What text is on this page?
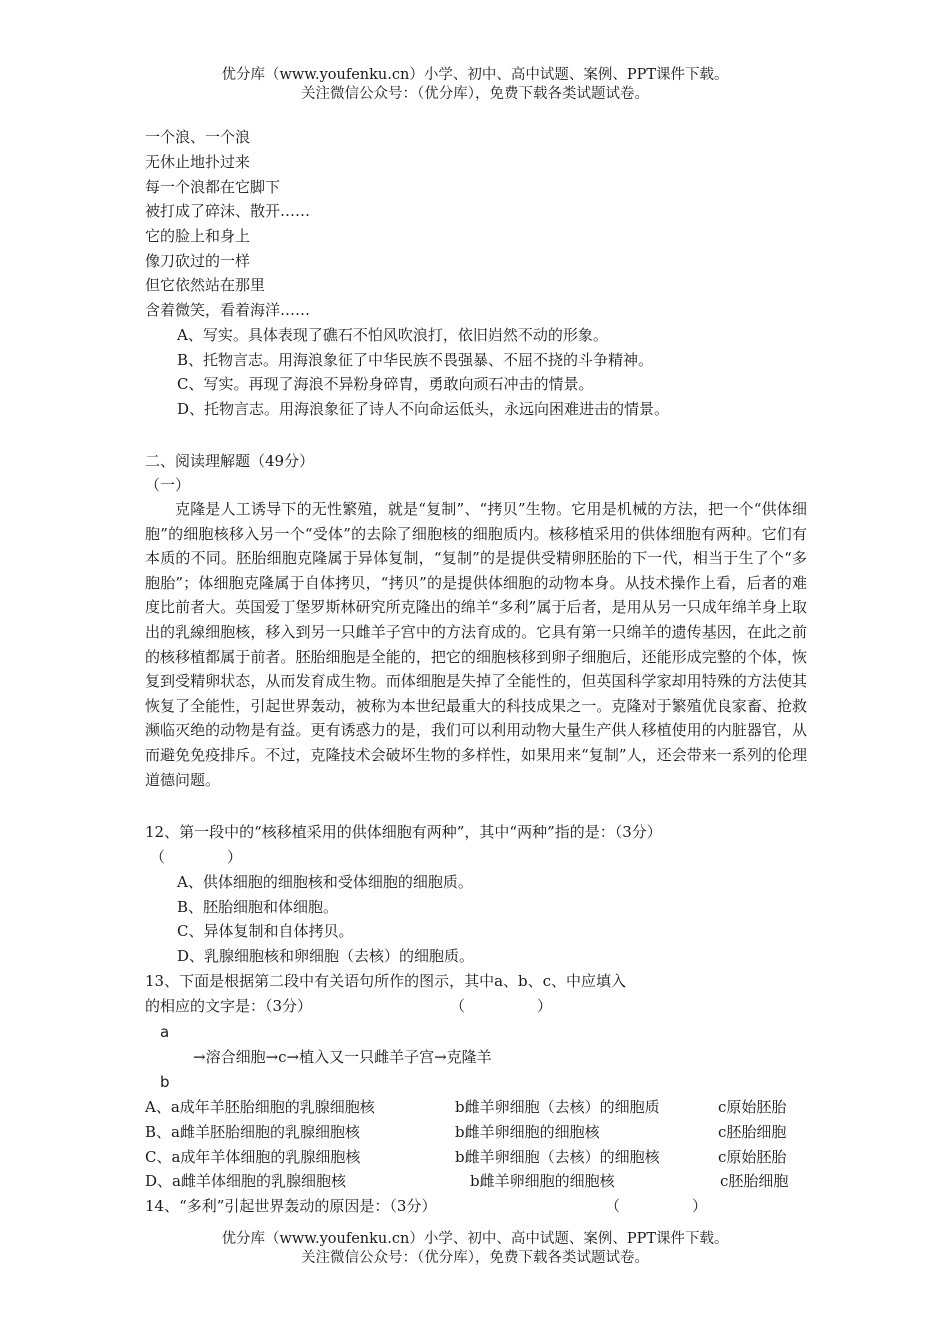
优分库（www.youfenku.cn）小学、初中、高中试题、案例、PPT课件下载。
关注微信公众号：（优分库），免费下载各类试题试卷。
一个浪、一个浪
无休止地扑过来
每一个浪都在它脚下
被打成了碎沫、散开……
它的脸上和身上
像刀砍过的一样
但它依然站在那里
含着微笑，看着海洋……
A、写实。具体表现了礁石不怕风吹浪打，依旧岿然不动的形象。
B、托物言志。用海浪象征了中华民族不畏强暴、不屈不挠的斗争精神。
C、写实。再现了海浪不异粉身碎胄，勇敢向顽石冲击的情景。
D、托物言志。用海浪象征了诗人不向命运低头，永远向困难进击的情景。
二、阅读理解题（49分）
（一）
克隆是人工诱导下的无性繁殖，就是“复制”、“拷贝”生物。它用是机械的方法，把一个“供体细胞”的细胞核移入另一个“受体”的去除了细胞核的细胞质内。核移植采用的供体细胞有两种。它们有本质的不同。胚胎细胞克隆属于异体复制，“复制”的是提供受精卵胚胎的下一代，相当于生了个“多胞胎”；体细胞克隆属于自体拷贝，“拷贝”的是提供体细胞的动物本身。从技术操作上看，后者的难度比前者大。英国爱丁堡罗斯林研究所克隆出的绵羊“多利”属于后者，是用从另一只成年绵羊身上取出的乳線细胞核，移入到另一只雌羊子宫中的方法育成的。它具有第一只绵羊的遗传基因，在此之前的核移植都属于前者。胚胎细胞是全能的，把它的细胞核移到卵子细胞后，还能形成完整的个体，恢复到受精卵状态，从而发育成生物。而体细胞是失掉了全能性的，但英国科学家却用特殊的方法使其恢复了全能性，引起世界轰动，被称为本世纪最重大的科技成果之一。克隆对于繁殖优良家畜、抢救濒临灭绝的动物是有益。更有诱惑力的是，我们可以利用动物大量生产供人移植使用的内脏器官，从而避免免疫排斥。不过，克隆技术会破坏生物的多样性，如果用来“复制”人，还会带来一系列的伦理道德问题。
12、第一段中的“核移植采用的供体细胞有两种”，其中“两种”指的是：（3分）
（	）
A、供体细胞的细胞核和受体细胞的细胞质。
B、胚胎细胞和体细胞。
C、异体复制和自体拷贝。
D、乳腺细胞核和卵细胞（去核）的细胞质。
13、下面是根据第二段中有关语句所作的图示，其中a、b、c、中应填入
的相应的文字是：（3分）	（	）
a
→溶合细胞→c→植入又一只雌羊子宫→克隆羊
b
A、a成年羊胚胎细胞的乳腺细胞核	b雌羊卵细胞（去核）的细胞质	c原始胚胎
B、a雌羊胚胎细胞的乳腺细胞核	b雌羊卵细胞的细胞核	c胚胎细胞
C、a成年羊体细胞的乳腺细胞核	b雌羊卵细胞（去核）的细胞核	c原始胚胎
D、a雌羊体细胞的乳腺细胞核	b雌羊卵细胞的细胞核	c胚胎细胞
14、“多利”引起世界轰动的原因是：（3分）	（	）
优分库（www.youfenku.cn）小学、初中、高中试题、案例、PPT课件下载。
关注微信公众号：（优分库），免费下载各类试题试卷。
